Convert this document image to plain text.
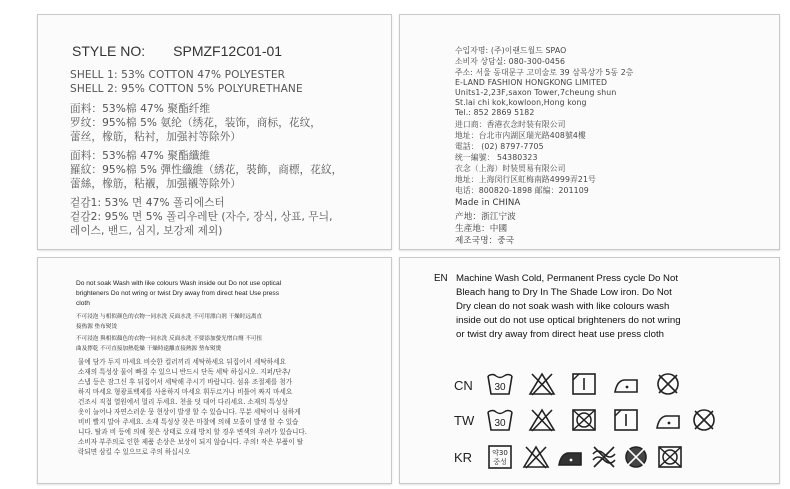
STYLE NO: SPMZF12C01-01
SHELL 1: 53% COTTON 47% POLYESTER
SHELL 2: 95% COTTON 5% POLYURETHANE
面料：53%棉 47% 聚酯纤维
罗纹：95%棉 5% 氨纶（绣花，装饰，商标，花纹，
蕾丝，橡筋，粘衬，加强衬等除外）
面料：53%棉 47% 聚酯纖維
羅紋：95%棉 5% 彈性纖維（綉花，裝飾，商標，花紋，
蕾絲，橡筋，粘襯，加强襯等除外）
겉감1: 53% 면 47% 폴리에스터
겉감2: 95% 면 5% 폴리우레탄 (자수, 장식, 상표, 무늬,
레이스, 밴드, 심지, 보강제 제외)
수입자명: (주)이랜드월드 SPAO
소비자 상담실: 080-300-0456
주소: 서울 동대문구 고미술로 39 삼목상가 5동 2층
E-LAND FASHION HONGKONG LIMITED
Units1-2,23F,saxon Tower,7cheung shun
St.lai chi kok,kowloon,Hong kong
Tel.: 852 2869 5182
进口商：香港衣念时装有限公司
地址：台北市内湖区瑞光路408號4樓
電話： (02) 8797-7705
统一編號： 54380323
衣念（上海）时装贸易有限公司
地址：上海闵行区虹梅南路4999弄21号
电话：800820-1898 邮编：201109
Made in CHINA
产地：浙江宁波
生產地：中國
제조국명：중국
Do not soak Wash with like colours Wash inside out Do not use optical
brighteners Do not wring or twist Dry away from direct heat Use press
cloth
不可浸泡 与相似颜色的衣物一同水洗 反面水洗 不可用漂白剂 干燥时远离直
接热源 垫布熨烫
不可浸泡 與相似顏色的衣物一同水洗 反面水洗 不要添加螢光增白劑 不可扭
曲及擰乾 不可直接加熱乾燥 干燥時遠離直接熱源 墊布熨燙
물에 담가 두지 마세요 비슷한 컬러끼리 세탁하세요 뒤집어서 세탁하세요
소재의 특성상 물이 빠질 수 있으니 반드시 단독 세탁 하십시오. 지퍼/단추/
스냅 등은 잠그신 후 뒤집어서 세탁해 주시기 바랍니다. 섬유 조절제를 첨가
하지 마세요 형광표백제를 사용하지 마세요 휘두르거나 비틀어 짜지 마세요
건조시 직접 열원에서 멀리 두세요. 천을 덧 대어 다리세요. 소재의 특성상
옷이 늘어나 자연스러운 뭉 현상이 발생 할 수 있습니다. 무분 세탁이나 심하게
비비 빨지 말아 주세요. 소재 특성상 잦은 마찰에 의해 모흘이 발생 할 수 있습
니다. 탈과 비 등에 의해 젖은 상태로 오래 방치 할 경우 변색의 우려가 있습니다.
소비자 부주의로 인한 제품 손상은 보상이 되지 않습니다. 주의! 작은 부품이 탈
락되면 삼킬 수 있으므로 주의 하십시오
EN Machine Wash Cold, Permanent Press cycle Do Not
Bleach hang to Dry In The Shade Low iron. Do Not
Dry clean do not soak wash with like colours wash
inside out do not use optical brighteners do not wring
or twist dry away from direct heat use press cloth
CN 30
TW 30
KR	약30
중성
